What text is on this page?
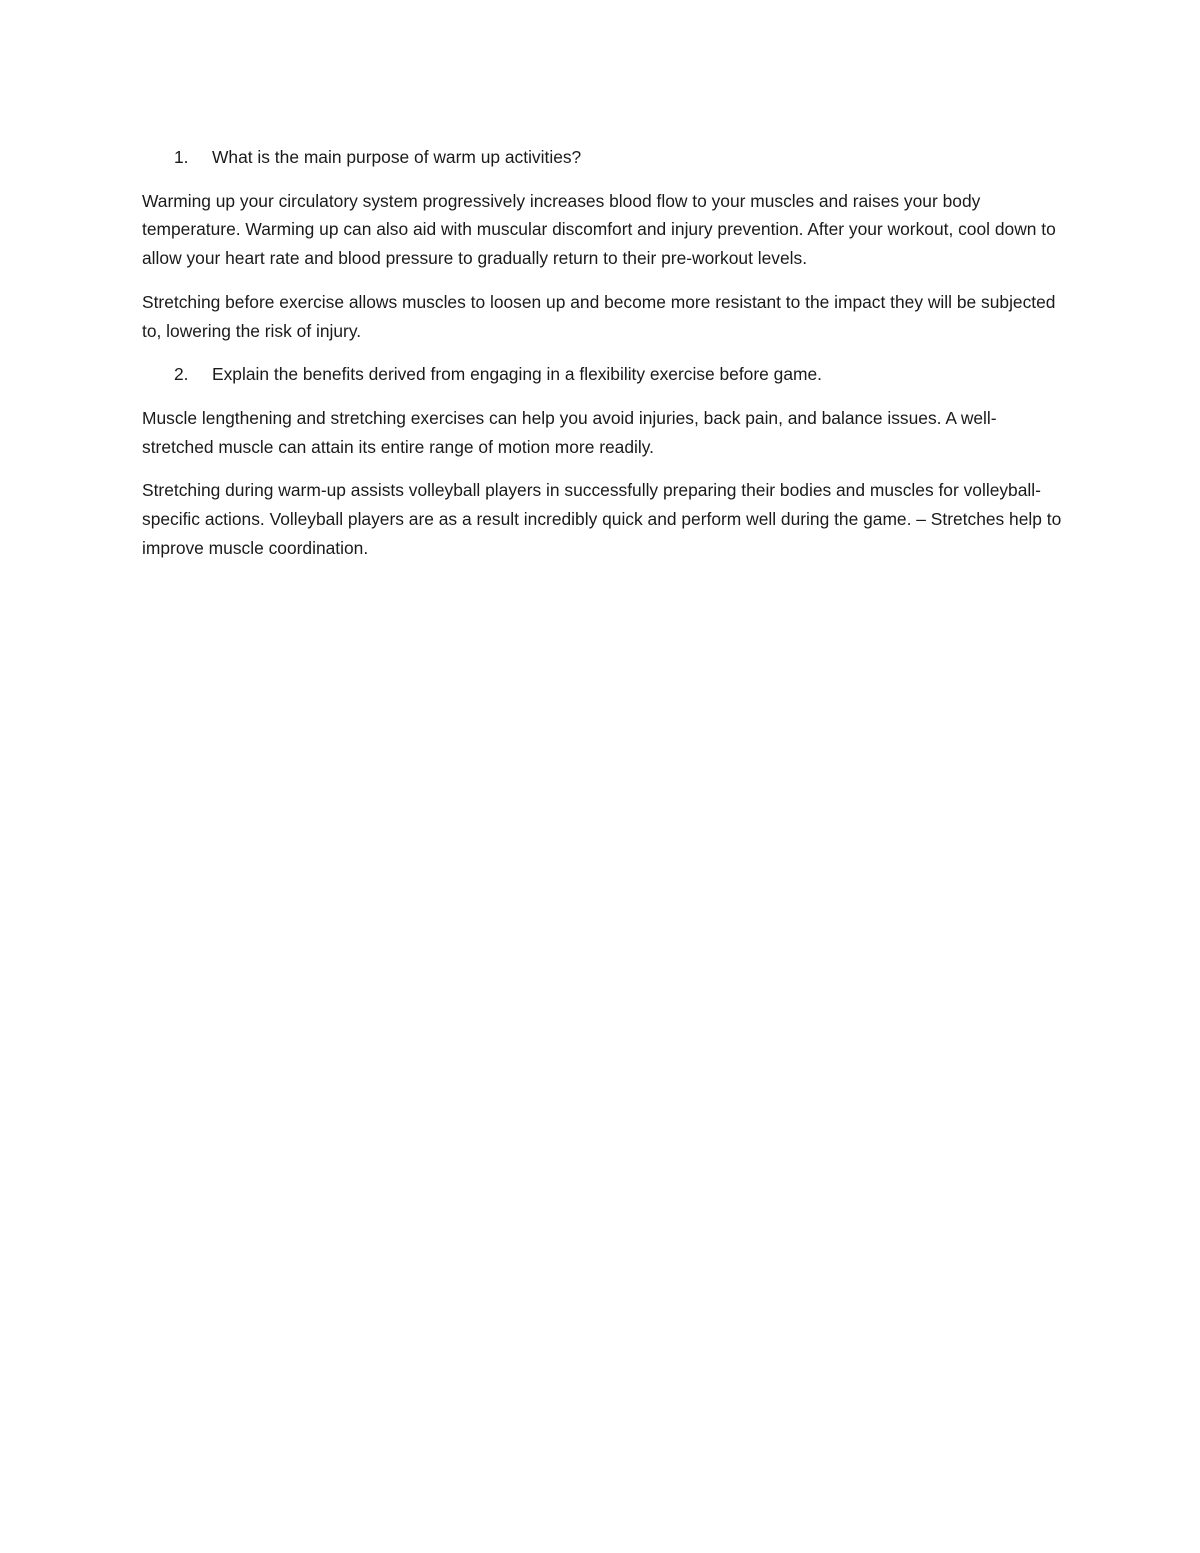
1. What is the main purpose of warm up activities?

Warming up your circulatory system progressively increases blood flow to your muscles and raises your body temperature. Warming up can also aid with muscular discomfort and injury prevention. After your workout, cool down to allow your heart rate and blood pressure to gradually return to their pre-workout levels.

Stretching before exercise allows muscles to loosen up and become more resistant to the impact they will be subjected to, lowering the risk of injury.

2. Explain the benefits derived from engaging in a flexibility exercise before game.

Muscle lengthening and stretching exercises can help you avoid injuries, back pain, and balance issues. A well-stretched muscle can attain its entire range of motion more readily.

Stretching during warm-up assists volleyball players in successfully preparing their bodies and muscles for volleyball-specific actions. Volleyball players are as a result incredibly quick and perform well during the game. – Stretches help to improve muscle coordination.
